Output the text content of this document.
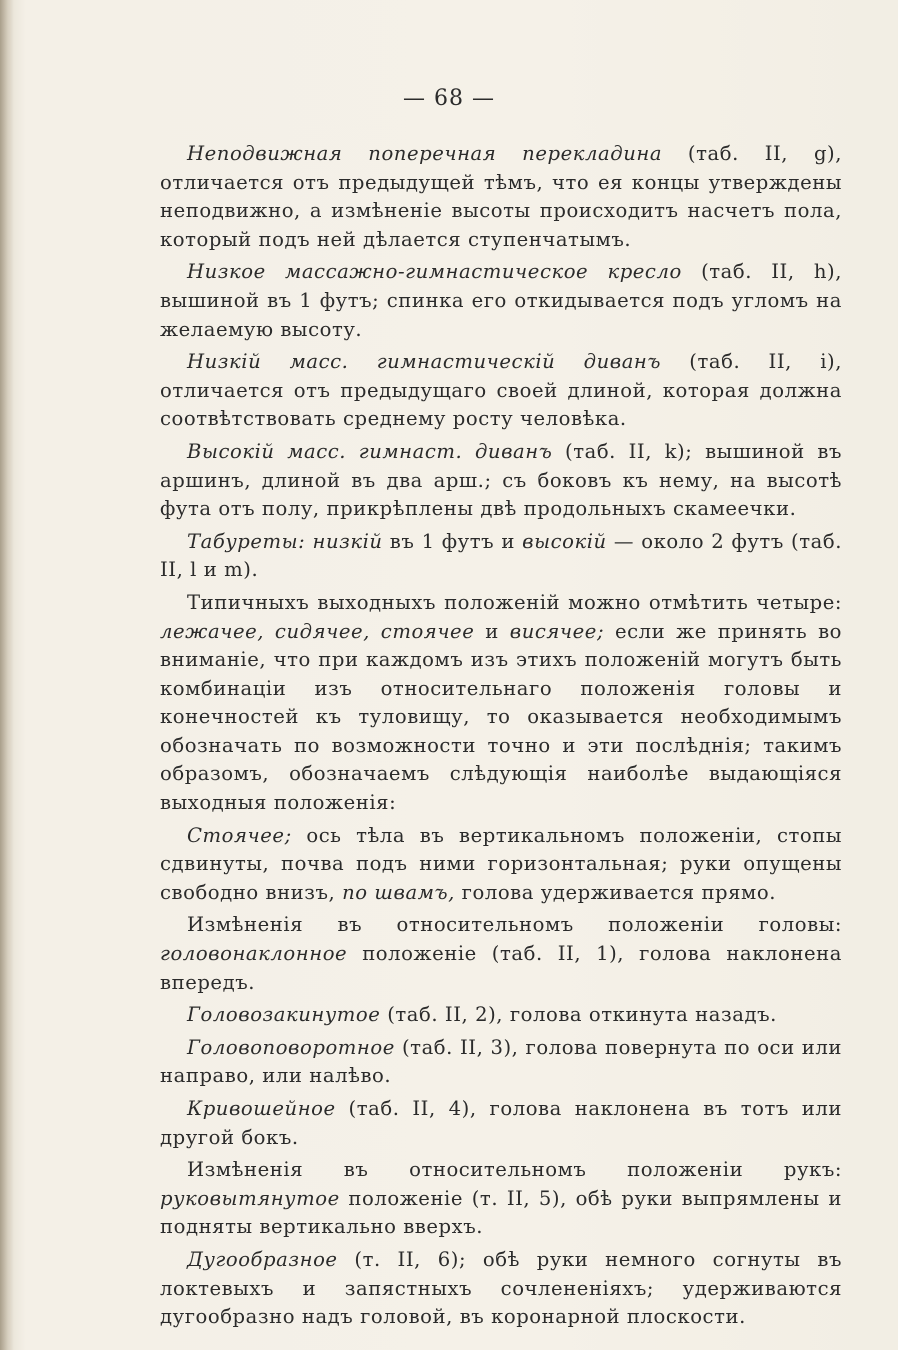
— 68 —

Неподвижная поперечная перекладина (таб. II, g), отличается отъ предыдущей тѣмъ, что ея концы утверждены неподвижно, а измѣненіе высоты происходитъ насчетъ пола, который подъ ней дѣлается ступенчатымъ.

Низкое массажно-гимнастическое кресло (таб. II, h), вышиной въ 1 футъ; спинка его откидывается подъ угломъ на желаемую высоту.

Низкій масс. гимнастическій диванъ (таб. II, i), отличается отъ предыдущаго своей длиной, которая должна соотвѣтствовать среднему росту человѣка.

Высокій масс. гимнаст. диванъ (таб. II, k); вышиной въ аршинъ, длиной въ два арш.; съ боковъ къ нему, на высотѣ фута отъ полу, прикрѣплены двѣ продольныхъ скамеечки.

Табуреты: низкій въ 1 футъ и высокій — около 2 футъ (таб. II, l и m).

Типичныхъ выходныхъ положеній можно отмѣтить четыре: лежачее, сидячее, стоячее и висячее; если же принять во вниманіе, что при каждомъ изъ этихъ положеній могутъ быть комбинаціи изъ относительнаго положенія головы и конечностей къ туловищу, то оказывается необходимымъ обозначать по возможности точно и эти послѣднія; такимъ образомъ, обозначаемъ слѣдующія наиболѣе выдающіяся выходныя положенія:

Стоячее; ось тѣла въ вертикальномъ положеніи, стопы сдвинуты, почва подъ ними горизонтальная; руки опущены свободно внизъ, по швамъ, голова удерживается прямо.

Измѣненія въ относительномъ положеніи головы: головонаклонное положеніе (таб. II, 1), голова наклонена впередъ.

Головозакинутое (таб. II, 2), голова откинута назадъ.

Головоповоротное (таб. II, 3), голова повернута по оси или направо, или налѣво.

Кривошейное (таб. II, 4), голова наклонена въ тотъ или другой бокъ.

Измѣненія въ относительномъ положеніи рукъ: руковытянутое положеніе (т. II, 5), обѣ руки выпрямлены и подняты вертикально вверхъ.

Дугообразное (т. II, 6); обѣ руки немного согнуты въ локтевыхъ и запястныхъ сочлененіяхъ; удерживаются дугообразно надъ головой, въ коронарной плоскости.
